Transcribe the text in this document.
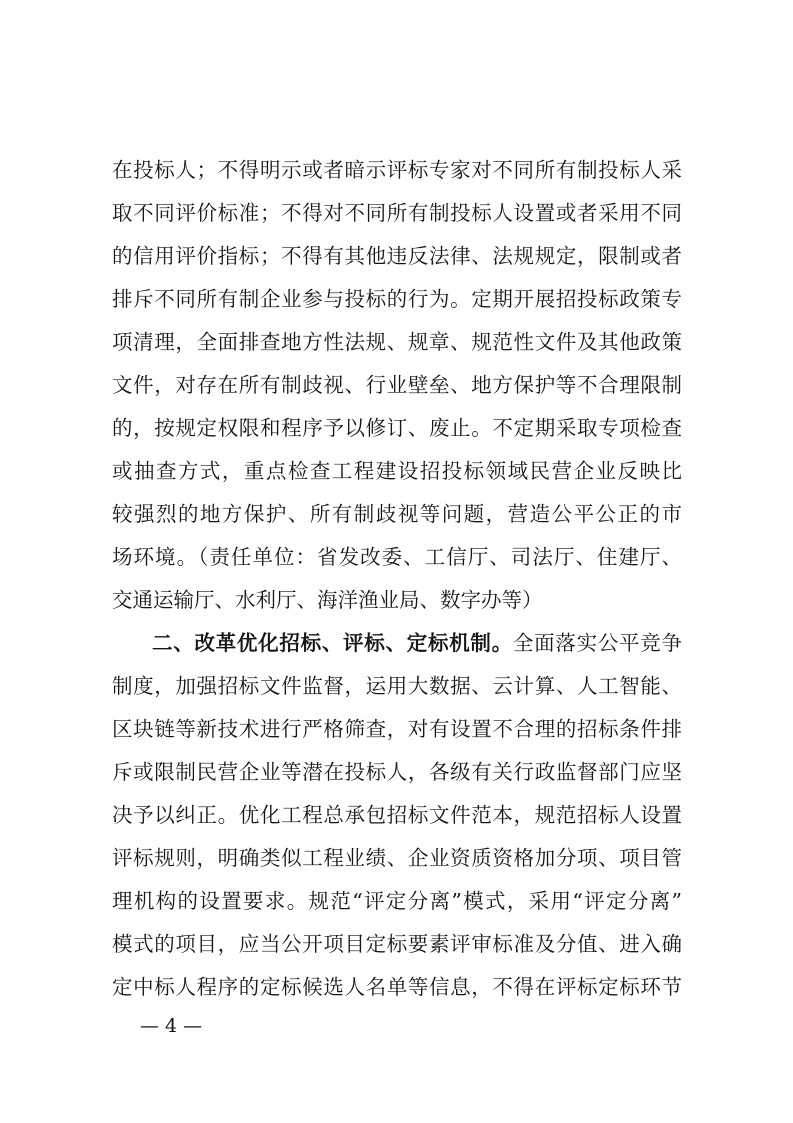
在投标人；不得明示或者暗示评标专家对不同所有制投标人采
取不同评价标准；不得对不同所有制投标人设置或者采用不同
的信用评价指标；不得有其他违反法律、法规规定，限制或者
排斥不同所有制企业参与投标的行为。定期开展招投标政策专
项清理，全面排查地方性法规、规章、规范性文件及其他政策
文件，对存在所有制歧视、行业壁垒、地方保护等不合理限制
的，按规定权限和程序予以修订、废止。不定期采取专项检查
或抽查方式，重点检查工程建设招投标领域民营企业反映比
较强烈的地方保护、所有制歧视等问题，营造公平公正的市
场环境。（责任单位：省发改委、工信厅、司法厅、住建厅、
交通运输厅、水利厅、海洋渔业局、数字办等）
二、改革优化招标、评标、定标机制。全面落实公平竞争
制度，加强招标文件监督，运用大数据、云计算、人工智能、
区块链等新技术进行严格筛查，对有设置不合理的招标条件排
斥或限制民营企业等潜在投标人，各级有关行政监督部门应坚
决予以纠正。优化工程总承包招标文件范本，规范招标人设置
评标规则，明确类似工程业绩、企业资质资格加分项、项目管
理机构的设置要求。规范“评定分离”模式，采用“评定分离”
模式的项目，应当公开项目定标要素评审标准及分值、进入确
定中标人程序的定标候选人名单等信息，不得在评标定标环节
— 4 —
